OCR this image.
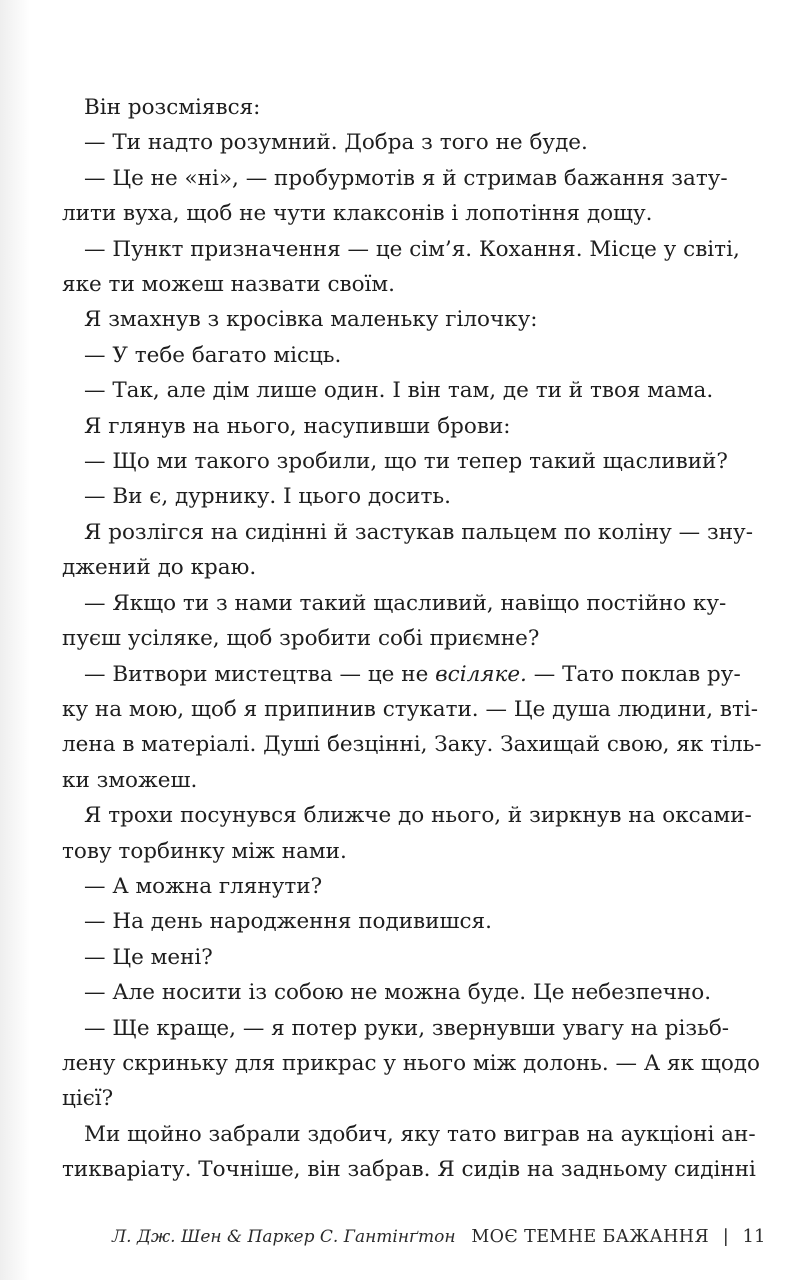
Він розсміявся:
— Ти надто розумний. Добра з того не буде.
— Це не «ні», — пробурмотів я й стримав бажання зату-
лити вуха, щоб не чути клаксонів і лопотіння дощу.
— Пункт призначення — це сім’я. Кохання. Місце у світі,
яке ти можеш назвати своїм.
Я змахнув з кросівка маленьку гілочку:
— У тебе багато місць.
— Так, але дім лише один. І він там, де ти й твоя мама.
Я глянув на нього, насупивши брови:
— Що ми такого зробили, що ти тепер такий щасливий?
— Ви є, дурнику. І цього досить.
Я розлігся на сидінні й застукав пальцем по коліну — зну-
джений до краю.
— Якщо ти з нами такий щасливий, навіщо постійно ку-
пуєш усіляке, щоб зробити собі приємне?
— Витвори мистецтва — це не всіляке. — Тато поклав ру-
ку на мою, щоб я припинив стукати. — Це душа людини, вті-
лена в матеріалі. Душі безцінні, Заку. Захищай свою, як тіль-
ки зможеш.
Я трохи посунувся ближче до нього, й зиркнув на оксами-
тову торбинку між нами.
— А можна глянути?
— На день народження подивишся.
— Це мені?
— Але носити із собою не можна буде. Це небезпечно.
— Ще краще, — я потер руки, звернувши увагу на різьб-
лену скриньку для прикрас у нього між долонь. — А як щодо
цієї?
Ми щойно забрали здобич, яку тато виграв на аукціоні ан-
тикваріату. Точніше, він забрав. Я сидів на задньому сидінні
Л. Дж. Шен & Паркер С. Гантінґтон МОЄ ТЕМНЕ БАЖАННЯ | 11
